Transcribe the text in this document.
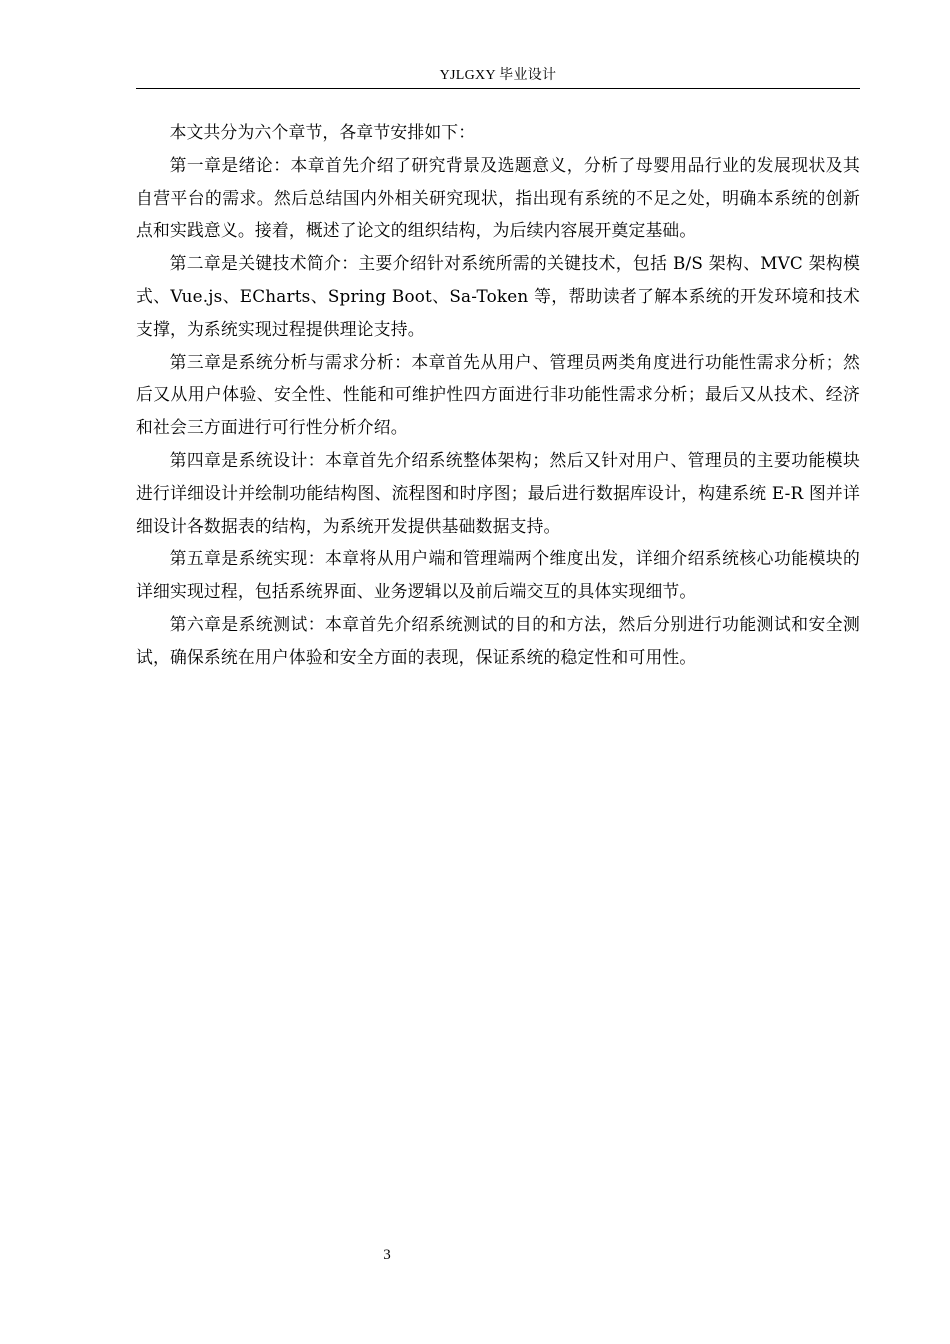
YJLGXY 毕业设计

本文共分为六个章节，各章节安排如下：

第一章是绪论：本章首先介绍了研究背景及选题意义，分析了母婴用品行业的发展现状及其自营平台的需求。然后总结国内外相关研究现状，指出现有系统的不足之处，明确本系统的创新点和实践意义。接着，概述了论文的组织结构，为后续内容展开奠定基础。

第二章是关键技术简介：主要介绍针对系统所需的关键技术，包括 B/S 架构、MVC 架构模式、Vue.js、ECharts、Spring Boot、Sa-Token 等，帮助读者了解本系统的开发环境和技术支撑，为系统实现过程提供理论支持。

第三章是系统分析与需求分析：本章首先从用户、管理员两类角度进行功能性需求分析；然后又从用户体验、安全性、性能和可维护性四方面进行非功能性需求分析；最后又从技术、经济和社会三方面进行可行性分析介绍。

第四章是系统设计：本章首先介绍系统整体架构；然后又针对用户、管理员的主要功能模块进行详细设计并绘制功能结构图、流程图和时序图；最后进行数据库设计，构建系统 E-R 图并详细设计各数据表的结构，为系统开发提供基础数据支持。

第五章是系统实现：本章将从用户端和管理端两个维度出发，详细介绍系统核心功能模块的详细实现过程，包括系统界面、业务逻辑以及前后端交互的具体实现细节。

第六章是系统测试：本章首先介绍系统测试的目的和方法，然后分别进行功能测试和安全测试，确保系统在用户体验和安全方面的表现，保证系统的稳定性和可用性。

3
